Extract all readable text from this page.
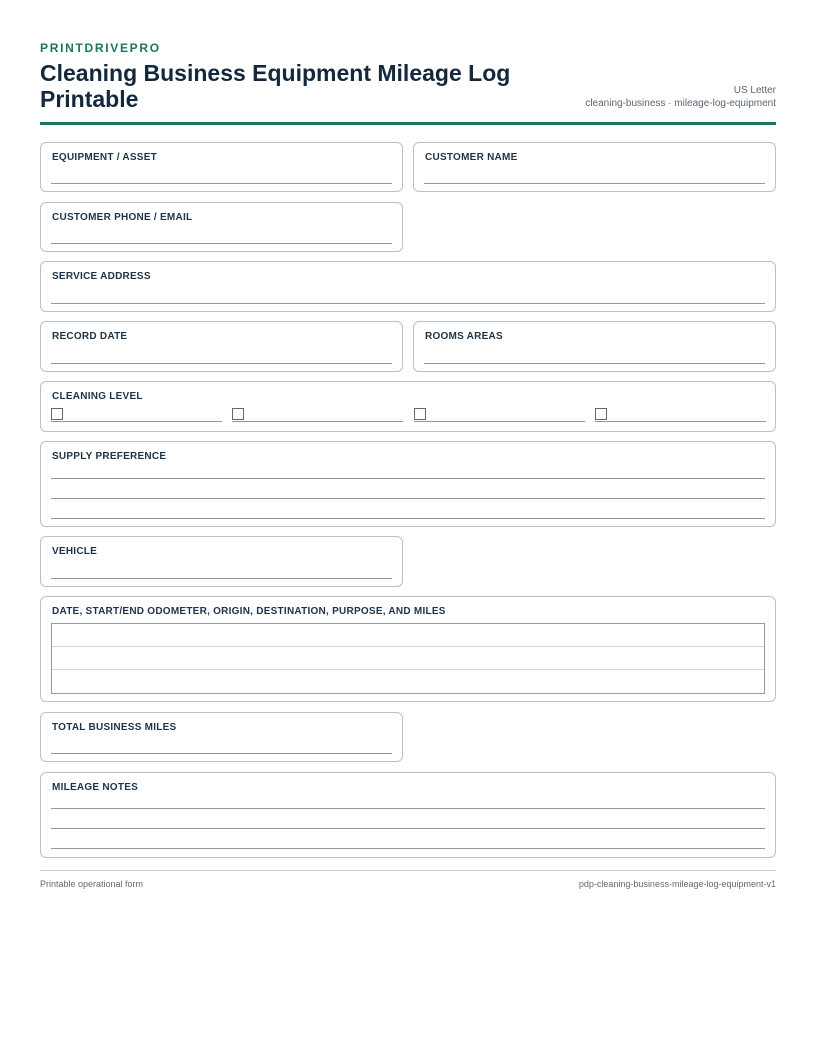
PRINTDRIVEPRO
Cleaning Business Equipment Mileage Log Printable	US Letter
cleaning-business · mileage-log-equipment
EQUIPMENT / ASSET	CUSTOMER NAME
CUSTOMER PHONE / EMAIL
SERVICE ADDRESS
RECORD DATE	ROOMS AREAS
CLEANING LEVEL
SUPPLY PREFERENCE
VEHICLE
DATE, START/END ODOMETER, ORIGIN, DESTINATION, PURPOSE, AND MILES
TOTAL BUSINESS MILES
MILEAGE NOTES
Printable operational form	pdp-cleaning-business-mileage-log-equipment-v1
